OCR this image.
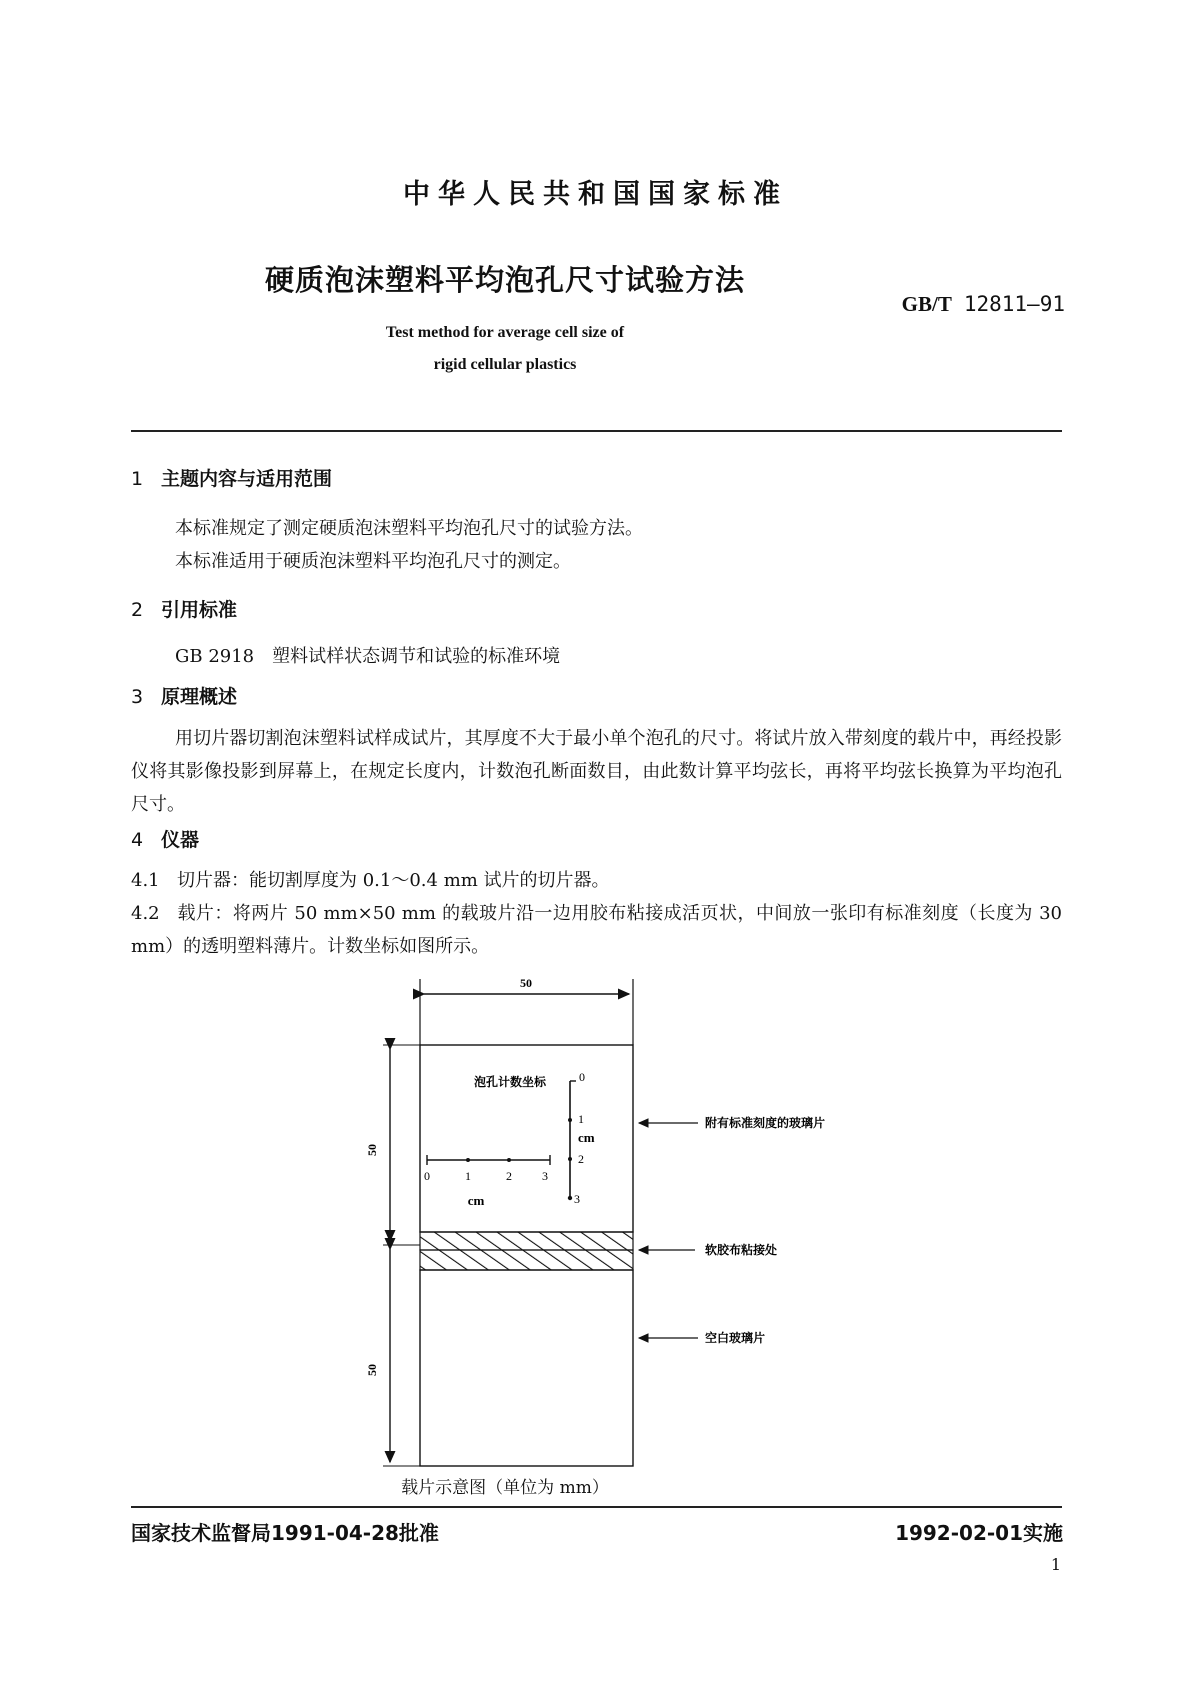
中华人民共和国国家标准
硬质泡沫塑料平均泡孔尺寸试验方法
GB/T 12811—91
Test method for average cell size of
rigid cellular plastics
1 主题内容与适用范围
本标准规定了测定硬质泡沫塑料平均泡孔尺寸的试验方法。
本标准适用于硬质泡沫塑料平均泡孔尺寸的测定。
2 引用标准
GB 2918　塑料试样状态调节和试验的标准环境
3 原理概述
用切片器切割泡沫塑料试样成试片，其厚度不大于最小单个泡孔的尺寸。将试片放入带刻度的载片中，再经投影仪将其影像投影到屏幕上，在规定长度内，计数泡孔断面数目，由此数计算平均弦长，再将平均弦长换算为平均泡孔尺寸。
4 仪器
4.1 切片器：能切割厚度为 0.1～0.4 mm 试片的切片器。
4.2 载片：将两片 50 mm×50 mm 的载玻片沿一边用胶布粘接成活页状，中间放一张印有标准刻度（长度为 30 mm）的透明塑料薄片。计数坐标如图所示。
50
50
50
泡孔计数坐标	0
1
2
3
cm
0	1	2	3
cm
附有标准刻度的玻璃片
软胶布粘接处
空白玻璃片
载片示意图（单位为 mm）
国家技术监督局1991-04-28批准	1992-02-01实施
1
